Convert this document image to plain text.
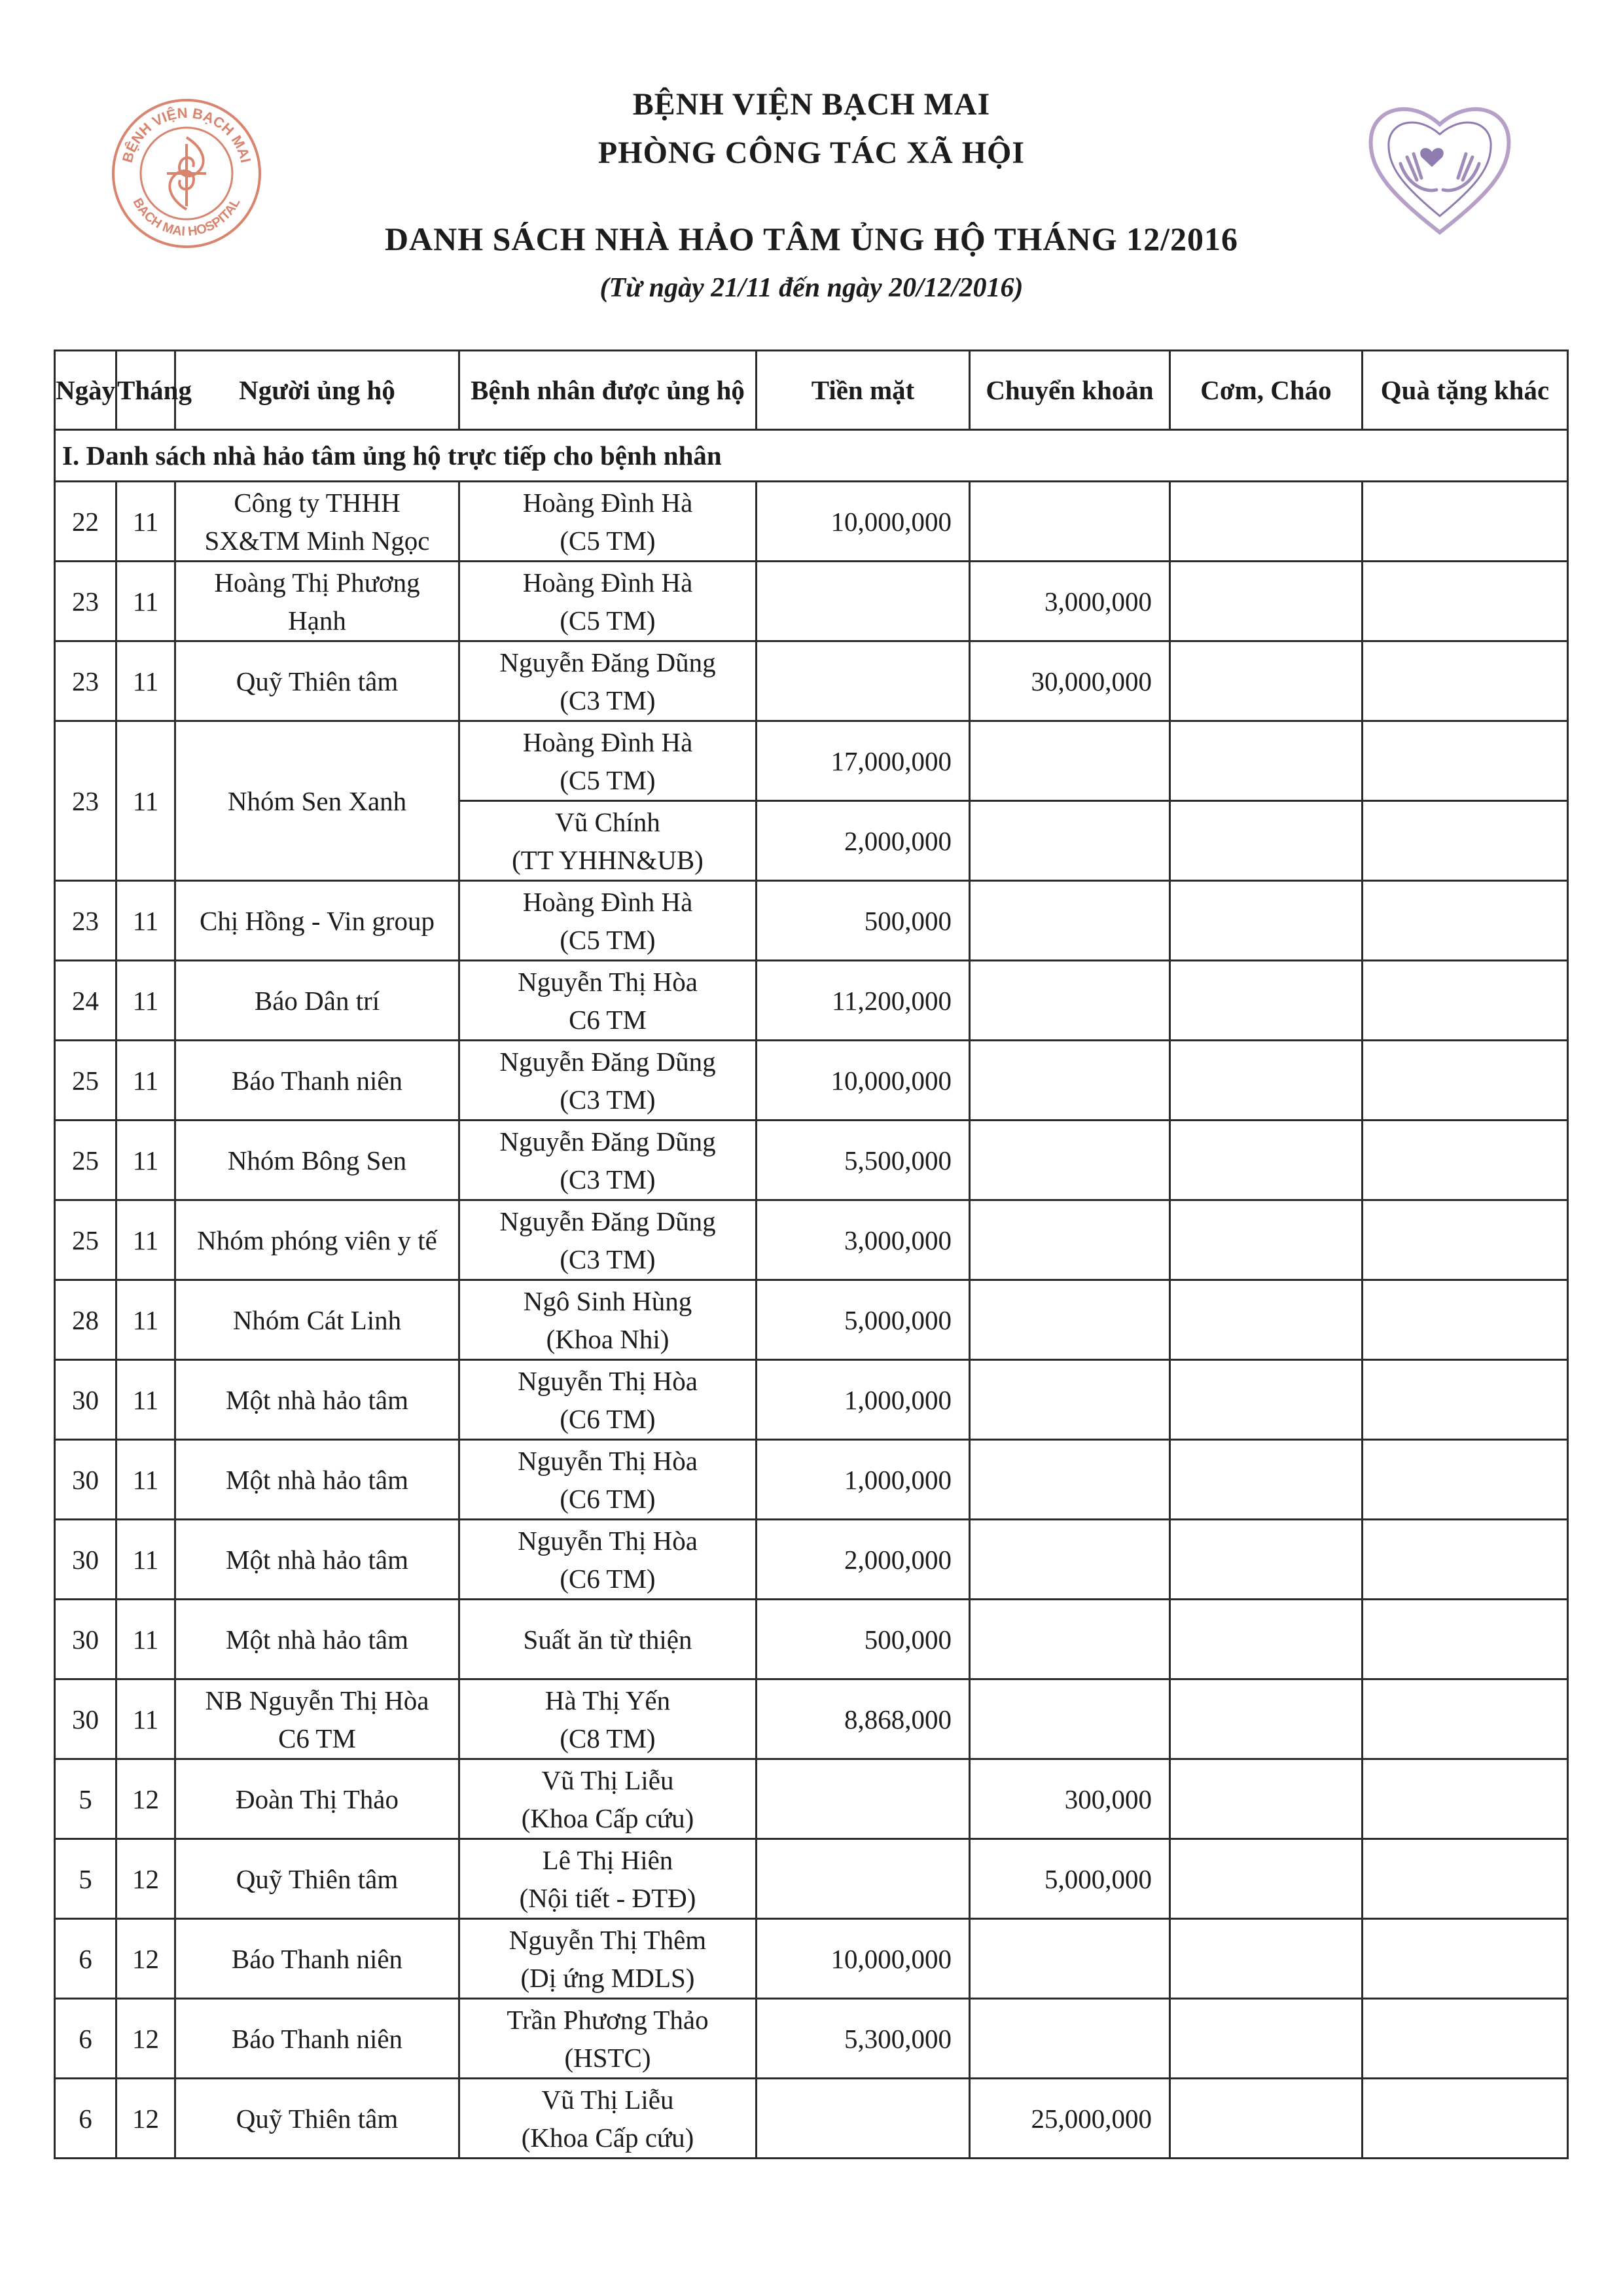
BỆNH VIỆN BẠCH MAI
BACH MAI HOSPITAL
BỆNH VIỆN BẠCH MAI
PHÒNG CÔNG TÁC XÃ HỘI
DANH SÁCH NHÀ HẢO TÂM ỦNG HỘ THÁNG 12/2016
(Từ ngày 21/11 đến ngày 20/12/2016)
Ngày	Tháng	Người ủng hộ	Bệnh nhân được ủng hộ	Tiền mặt	Chuyển khoản	Cơm, Cháo	Quà tặng khác
I. Danh sách nhà hảo tâm ủng hộ trực tiếp cho bệnh nhân							
22	11	Công ty THHH
SX&TM Minh Ngọc	Hoàng Đình Hà
(C5 TM)	10,000,000			
23	11	Hoàng Thị Phương
Hạnh	Hoàng Đình Hà
(C5 TM)		3,000,000		
23	11	Quỹ Thiên tâm	Nguyễn Đăng Dũng
(C3 TM)		30,000,000		
23	11	Nhóm Sen Xanh	Hoàng Đình Hà
(C5 TM)	17,000,000			

			Vũ Chính
(TT YHHN&UB)	2,000,000			
23	11	Chị Hồng - Vin group	Hoàng Đình Hà
(C5 TM)	500,000			
24	11	Báo Dân trí	Nguyễn Thị Hòa
C6 TM	11,200,000			
25	11	Báo Thanh niên	Nguyễn Đăng Dũng
(C3 TM)	10,000,000			
25	11	Nhóm Bông Sen	Nguyễn Đăng Dũng
(C3 TM)	5,500,000			
25	11	Nhóm phóng viên y tế	Nguyễn Đăng Dũng
(C3 TM)	3,000,000			
28	11	Nhóm Cát Linh	Ngô Sinh Hùng
(Khoa Nhi)	5,000,000			
30	11	Một nhà hảo tâm	Nguyễn Thị Hòa
(C6 TM)	1,000,000			
30	11	Một nhà hảo tâm	Nguyễn Thị Hòa
(C6 TM)	1,000,000			
30	11	Một nhà hảo tâm	Nguyễn Thị Hòa
(C6 TM)	2,000,000			
30	11	Một nhà hảo tâm	Suất ăn từ thiện	500,000			
30	11	NB Nguyễn Thị Hòa
C6 TM	Hà Thị Yến
(C8 TM)	8,868,000			
5	12	Đoàn Thị Thảo	Vũ Thị Liễu
(Khoa Cấp cứu)		300,000		
5	12	Quỹ Thiên tâm	Lê Thị Hiên
(Nội tiết - ĐTĐ)		5,000,000		
6	12	Báo Thanh niên	Nguyễn Thị Thêm
(Dị ứng MDLS)	10,000,000			
6	12	Báo Thanh niên	Trần Phương Thảo
(HSTC)	5,300,000			
6	12	Quỹ Thiên tâm	Vũ Thị Liễu
(Khoa Cấp cứu)		25,000,000		
